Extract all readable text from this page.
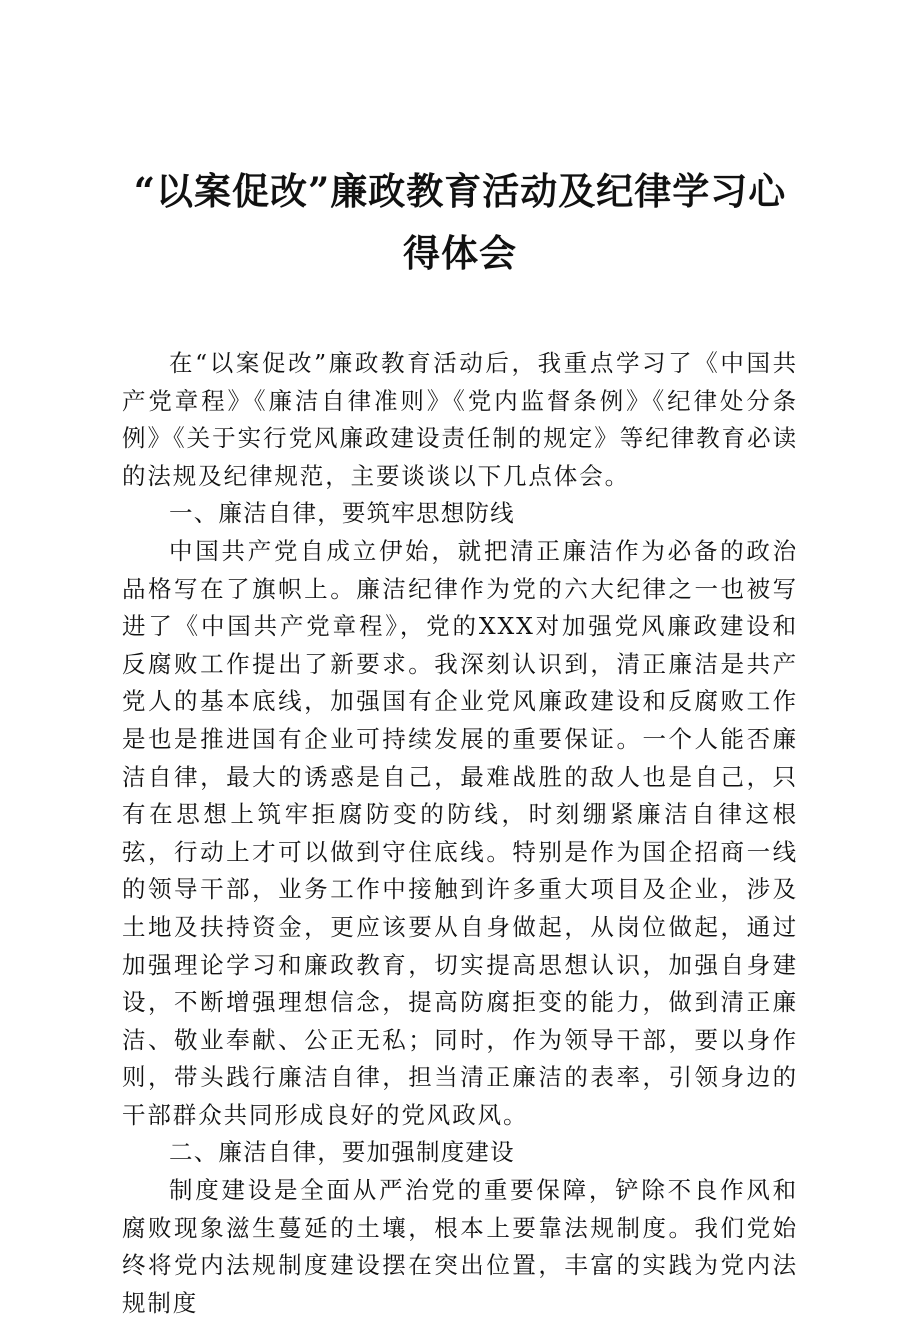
“以案促改”廉政教育活动及纪律学习心得体会

在“以案促改”廉政教育活动后，我重点学习了《中国共产党章程》《廉洁自律准则》《党内监督条例》《纪律处分条例》《关于实行党风廉政建设责任制的规定》等纪律教育必读的法规及纪律规范，主要谈谈以下几点体会。

一、廉洁自律，要筑牢思想防线

中国共产党自成立伊始，就把清正廉洁作为必备的政治品格写在了旗帜上。廉洁纪律作为党的六大纪律之一也被写进了《中国共产党章程》，党的XXX对加强党风廉政建设和反腐败工作提出了新要求。我深刻认识到，清正廉洁是共产党人的基本底线，加强国有企业党风廉政建设和反腐败工作是也是推进国有企业可持续发展的重要保证。一个人能否廉洁自律，最大的诱惑是自己，最难战胜的敌人也是自己，只有在思想上筑牢拒腐防变的防线，时刻绷紧廉洁自律这根弦，行动上才可以做到守住底线。特别是作为国企招商一线的领导干部，业务工作中接触到许多重大项目及企业，涉及土地及扶持资金，更应该要从自身做起，从岗位做起，通过加强理论学习和廉政教育，切实提高思想认识，加强自身建设，不断增强理想信念，提高防腐拒变的能力，做到清正廉洁、敬业奉献、公正无私；同时，作为领导干部，要以身作则，带头践行廉洁自律，担当清正廉洁的表率，引领身边的干部群众共同形成良好的党风政风。

二、廉洁自律，要加强制度建设

制度建设是全面从严治党的重要保障，铲除不良作风和腐败现象滋生蔓延的土壤，根本上要靠法规制度。我们党始终将党内法规制度建设摆在突出位置，丰富的实践为党内法规制度
